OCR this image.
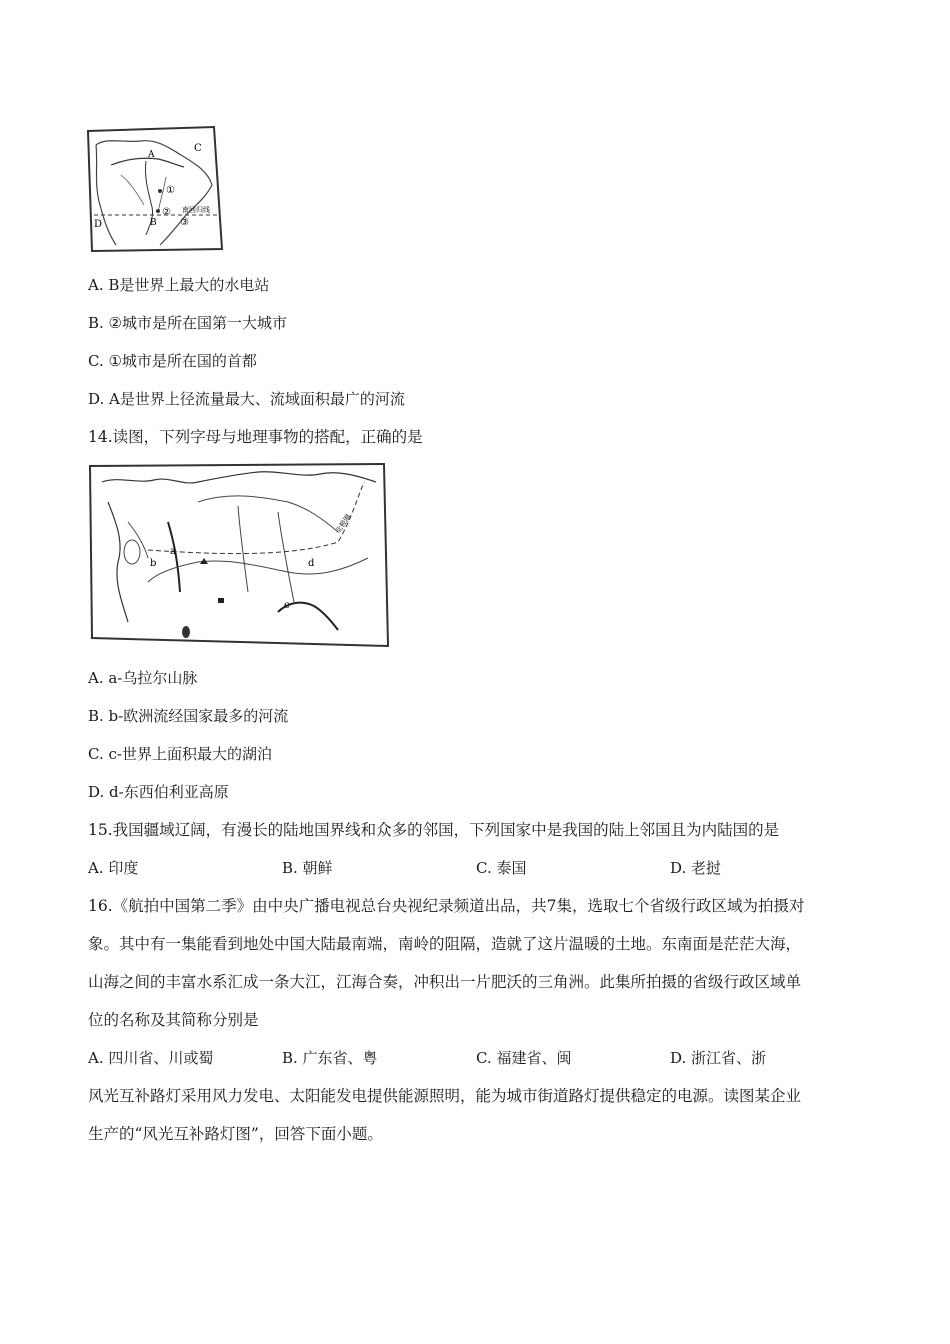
A
C
①
② 南回归线
B ③
D
A. B是世界上最大的水电站
B. ②城市是所在国第一大城市
C. ①城市是所在国的首都
D. A是世界上径流量最大、流域面积最广的河流
14.读图，下列字母与地理事物的搭配，正确的是
a
b
c
d
北极圈
A. a-乌拉尔山脉
B. b-欧洲流经国家最多的河流
C. c-世界上面积最大的湖泊
D. d-东西伯利亚高原
15.我国疆域辽阔，有漫长的陆地国界线和众多的邻国，下列国家中是我国的陆上邻国且为内陆国的是
A. 印度	B. 朝鲜	C. 泰国	D. 老挝
16.《航拍中国第二季》由中央广播电视总台央视纪录频道出品，共7集，选取七个省级行政区域为拍摄对
象。其中有一集能看到地处中国大陆最南端，南岭的阻隔，造就了这片温暖的土地。东南面是茫茫大海，
山海之间的丰富水系汇成一条大江，江海合奏，冲积出一片肥沃的三角洲。此集所拍摄的省级行政区域单
位的名称及其简称分别是
A. 四川省、川或蜀	B. 广东省、粤	C. 福建省、闽	D. 浙江省、浙
风光互补路灯采用风力发电、太阳能发电提供能源照明，能为城市街道路灯提供稳定的电源。读图某企业
生产的“风光互补路灯图”，回答下面小题。
